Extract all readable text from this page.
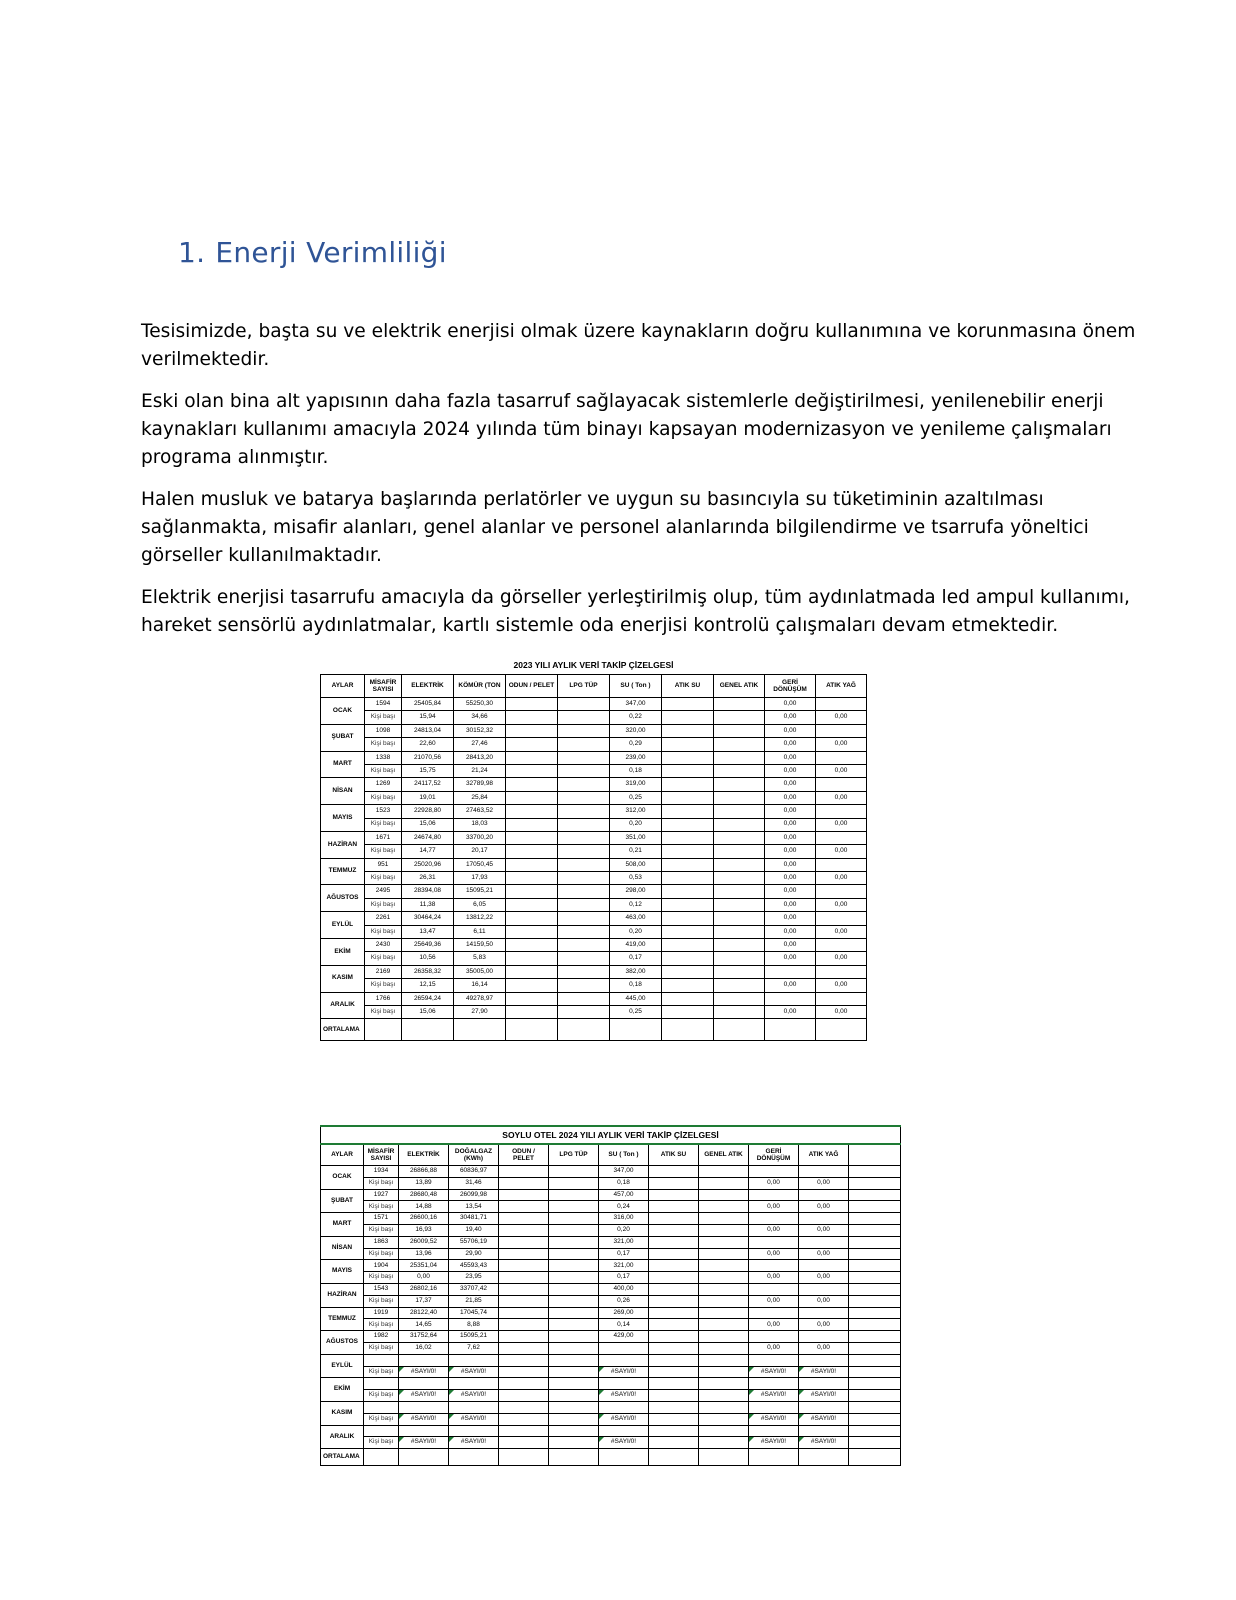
1. Enerji Verimliliği

Tesisimizde, başta su ve elektrik enerjisi olmak üzere kaynakların doğru kullanımına ve korunmasına önem verilmektedir.

Eski olan bina alt yapısının daha fazla tasarruf sağlayacak sistemlerle değiştirilmesi, yenilenebilir enerji kaynakları kullanımı amacıyla 2024 yılında tüm binayı kapsayan modernizasyon ve yenileme çalışmaları programa alınmıştır.

Halen musluk ve batarya başlarında perlatörler ve uygun su basıncıyla su tüketiminin azaltılması sağlanmakta, misafir alanları, genel alanlar ve personel alanlarında bilgilendirme ve tsarrufa yöneltici görseller kullanılmaktadır.

Elektrik enerjisi tasarrufu amacıyla da görseller yerleştirilmiş olup, tüm aydınlatmada led ampul kullanımı, hareket sensörlü aydınlatmalar, kartlı sistemle oda enerjisi kontrolü çalışmaları devam etmektedir.

2023 YILI AYLIK VERİ TAKİP ÇİZELGESİ										
AYLAR	MİSAFİR SAYISI	ELEKTRİK	KÖMÜR (TON	ODUN / PELET	LPG TÜP	SU ( Ton )	ATIK SU	GENEL ATIK	GERİ DÖNÜŞÜM	ATIK YAĞ
OCAK	1594	25405,84	55250,30			347,00			0,00	
	Kişi başı	15,94	34,66			0,22			0,00	0,00
ŞUBAT	1098	24813,04	30152,32			320,00			0,00	
	Kişi başı	22,60	27,46			0,29			0,00	0,00
MART	1338	21070,56	28413,20			239,00			0,00	
	Kişi başı	15,75	21,24			0,18			0,00	0,00
NİSAN	1269	24117,52	32789,98			319,00			0,00	
	Kişi başı	19,01	25,84			0,25			0,00	0,00
MAYIS	1523	22928,80	27463,52			312,00			0,00	
	Kişi başı	15,06	18,03			0,20			0,00	0,00
HAZİRAN	1671	24674,80	33700,20			351,00			0,00	
	Kişi başı	14,77	20,17			0,21			0,00	0,00
TEMMUZ	951	25020,96	17050,45			508,00			0,00	
	Kişi başı	26,31	17,93			0,53			0,00	0,00
AĞUSTOS	2495	28394,08	15095,21			298,00			0,00	
	Kişi başı	11,38	6,05			0,12			0,00	0,00
EYLÜL	2261	30464,24	13812,22			463,00			0,00	
	Kişi başı	13,47	6,11			0,20			0,00	0,00
EKİM	2430	25649,36	14159,50			419,00			0,00	
	Kişi başı	10,56	5,83			0,17			0,00	0,00
KASIM	2169	26358,32	35005,00			382,00				
	Kişi başı	12,15	16,14			0,18			0,00	0,00
ARALIK	1766	26594,24	49278,97			445,00				
	Kişi başı	15,06	27,90			0,25			0,00	0,00
ORTALAMA										
SOYLU OTEL 2024 YILI AYLIK VERİ TAKİP ÇİZELGESİ											
AYLAR	MİSAFİR SAYISI	ELEKTRİK	DOĞALGAZ (KWh)	ODUN / PELET	LPG TÜP	SU ( Ton )	ATIK SU	GENEL ATIK	GERİ DÖNÜŞÜM	ATIK YAĞ	
OCAK	1934	26866,88	60836,97			347,00					
	Kişi başı	13,89	31,46			0,18			0,00	0,00	
ŞUBAT	1927	28680,48	26099,98			457,00					
	Kişi başı	14,88	13,54			0,24			0,00	0,00	
MART	1571	26600,16	30481,71			316,00					
	Kişi başı	16,93	19,40			0,20			0,00	0,00	
NİSAN	1863	26009,52	55706,19			321,00					
	Kişi başı	13,96	29,90			0,17			0,00	0,00	
MAYIS	1904	25351,04	45593,43			321,00					
	Kişi başı	0,00	23,95			0,17			0,00	0,00	
HAZİRAN	1543	26802,16	33707,42			400,00					
	Kişi başı	17,37	21,85			0,26			0,00	0,00	
TEMMUZ	1919	28122,40	17045,74			269,00					
	Kişi başı	14,65	8,88			0,14			0,00	0,00	
AĞUSTOS	1982	31752,64	15095,21			429,00					
	Kişi başı	16,02	7,62						0,00	0,00	
EYLÜL											
	Kişi başı	#SAYI/0!	#SAYI/0!			#SAYI/0!			#SAYI/0!	#SAYI/0!	
EKİM											
	Kişi başı	#SAYI/0!	#SAYI/0!			#SAYI/0!			#SAYI/0!	#SAYI/0!	
KASIM											
	Kişi başı	#SAYI/0!	#SAYI/0!			#SAYI/0!			#SAYI/0!	#SAYI/0!	
ARALIK											
	Kişi başı	#SAYI/0!	#SAYI/0!			#SAYI/0!			#SAYI/0!	#SAYI/0!	
ORTALAMA											
